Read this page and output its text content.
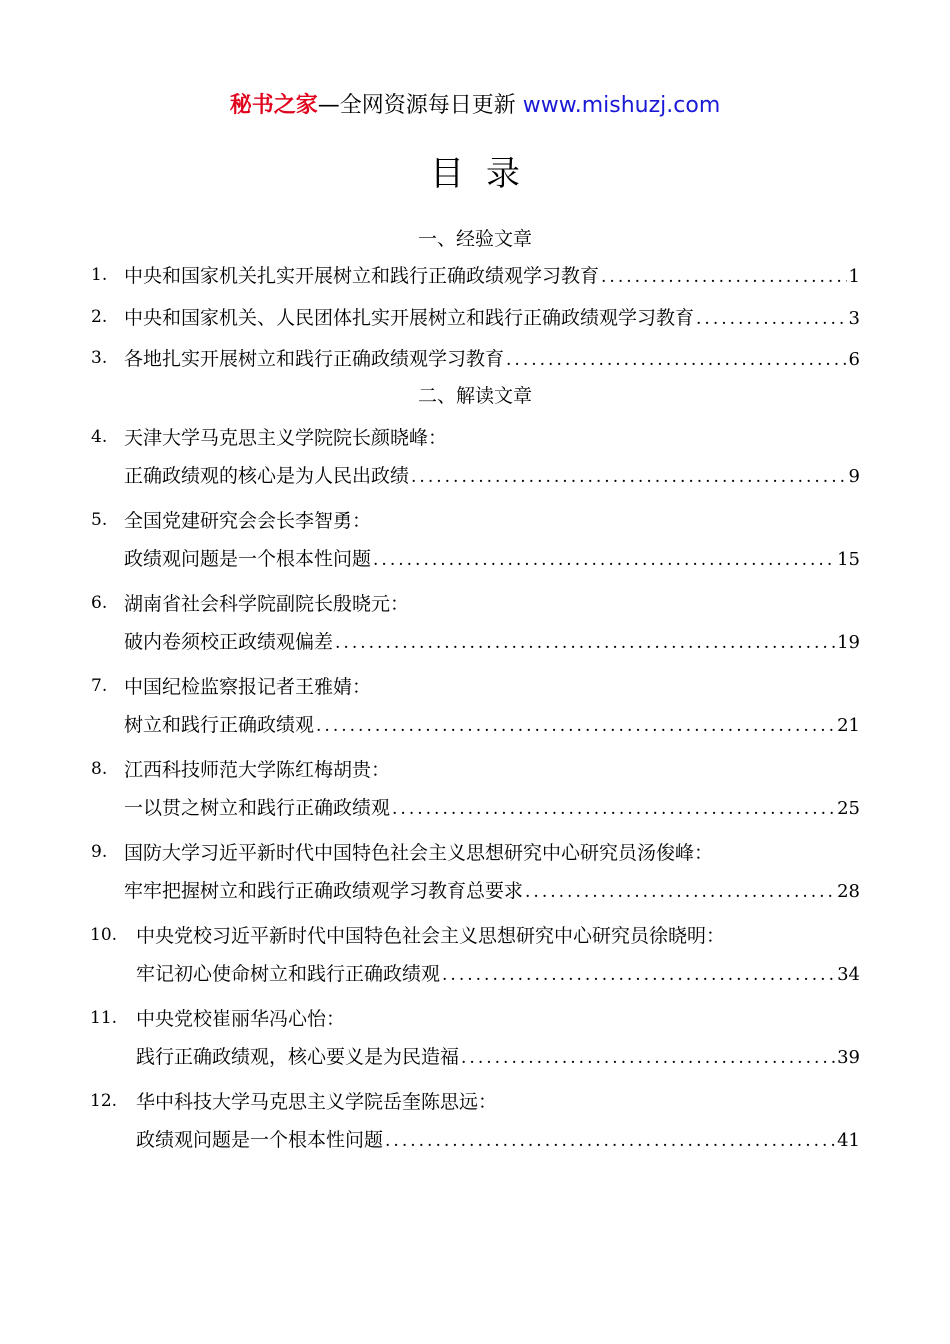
秘书之家—全网资源每日更新 www.mishuzj.com
目录
一、经验文章
1. 中央和国家机关扎实开展树立和践行正确政绩观学习教育 .....	1
2. 中央和国家机关、人民团体扎实开展树立和践行正确政绩观学习教育 .....	3
3. 各地扎实开展树立和践行正确政绩观学习教育 .....	6
二、解读文章
4. 天津大学马克思主义学院院长颜晓峰：
正确政绩观的核心是为人民出政绩 .....	9
5. 全国党建研究会会长李智勇：
政绩观问题是一个根本性问题 .....	15
6. 湖南省社会科学院副院长殷晓元：
破内卷须校正政绩观偏差 .....	19
7. 中国纪检监察报记者王雅婧：
树立和践行正确政绩观 .....	21
8. 江西科技师范大学陈红梅胡贵：
一以贯之树立和践行正确政绩观 .....	25
9. 国防大学习近平新时代中国特色社会主义思想研究中心研究员汤俊峰：
牢牢把握树立和践行正确政绩观学习教育总要求 .....	28
10. 中央党校习近平新时代中国特色社会主义思想研究中心研究员徐晓明：
牢记初心使命树立和践行正确政绩观 .....	34
11. 中央党校崔丽华冯心怡：
践行正确政绩观，核心要义是为民造福 .....	39
12. 华中科技大学马克思主义学院岳奎陈思远：
政绩观问题是一个根本性问题 .....	41
